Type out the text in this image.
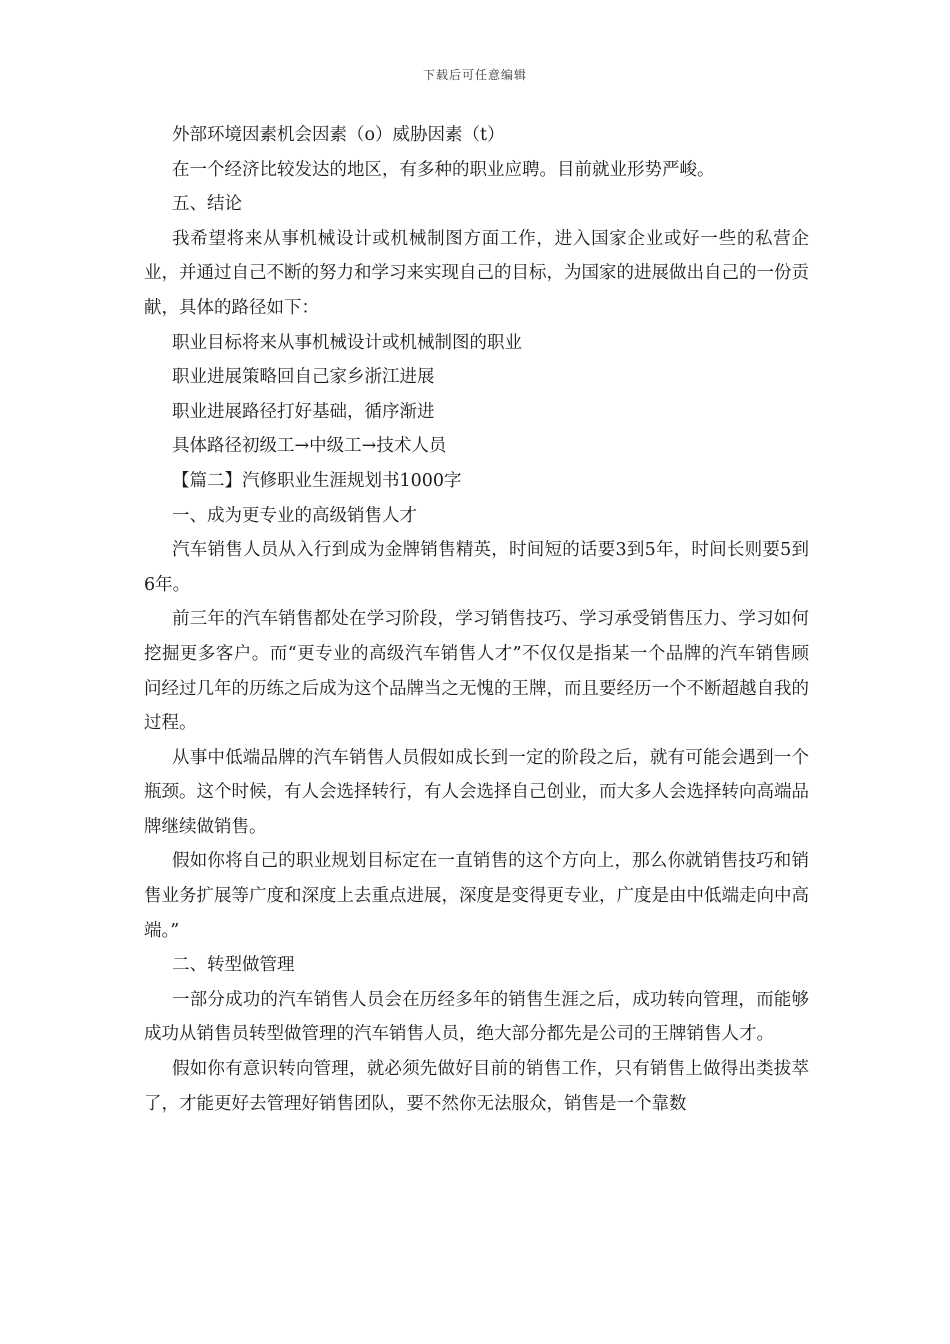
下载后可任意编辑

外部环境因素机会因素（o）威胁因素（t）

在一个经济比较发达的地区，有多种的职业应聘。目前就业形势严峻。

五、结论

我希望将来从事机械设计或机械制图方面工作，进入国家企业或好一些的私营企业，并通过自己不断的努力和学习来实现自己的目标，为国家的进展做出自己的一份贡献，具体的路径如下：

职业目标将来从事机械设计或机械制图的职业

职业进展策略回自己家乡浙江进展

职业进展路径打好基础，循序渐进

具体路径初级工→中级工→技术人员

【篇二】汽修职业生涯规划书1000字

一、成为更专业的高级销售人才

汽车销售人员从入行到成为金牌销售精英，时间短的话要3到5年，时间长则要5到6年。

前三年的汽车销售都处在学习阶段，学习销售技巧、学习承受销售压力、学习如何挖掘更多客户。而“更专业的高级汽车销售人才”不仅仅是指某一个品牌的汽车销售顾问经过几年的历练之后成为这个品牌当之无愧的王牌，而且要经历一个不断超越自我的过程。

从事中低端品牌的汽车销售人员假如成长到一定的阶段之后，就有可能会遇到一个瓶颈。这个时候，有人会选择转行，有人会选择自己创业，而大多人会选择转向高端品牌继续做销售。

假如你将自己的职业规划目标定在一直销售的这个方向上，那么你就销售技巧和销售业务扩展等广度和深度上去重点进展，深度是变得更专业，广度是由中低端走向中高端。”

二、转型做管理

一部分成功的汽车销售人员会在历经多年的销售生涯之后，成功转向管理，而能够成功从销售员转型做管理的汽车销售人员，绝大部分都先是公司的王牌销售人才。

假如你有意识转向管理，就必须先做好目前的销售工作，只有销售上做得出类拔萃了，才能更好去管理好销售团队，要不然你无法服众，销售是一个靠数
